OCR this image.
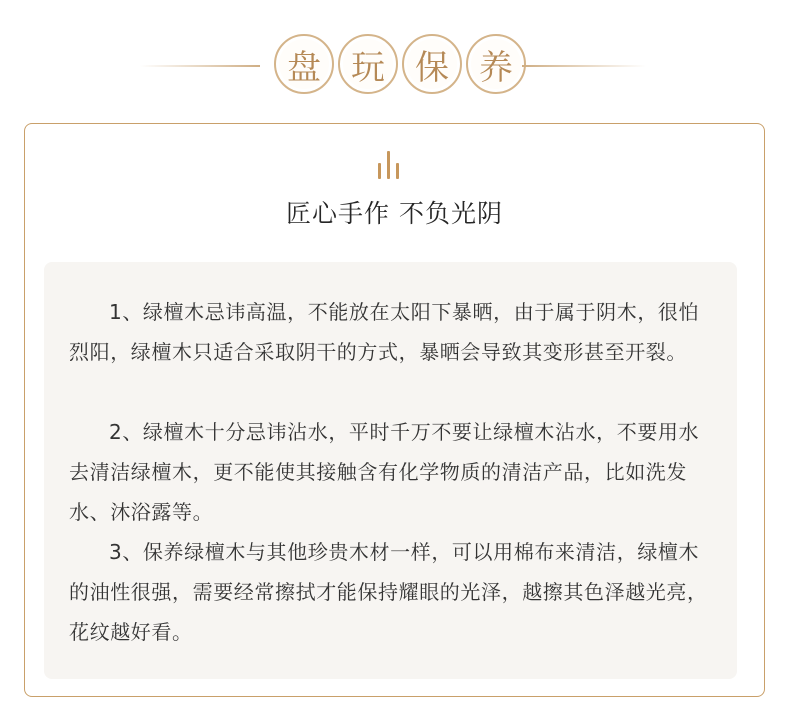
盘 玩 保 养
匠心手作 不负光阴

1、绿檀木忌讳高温，不能放在太阳下暴晒，由于属于阴木，很怕烈阳，绿檀木只适合采取阴干的方式，暴晒会导致其变形甚至开裂。

2、绿檀木十分忌讳沾水，平时千万不要让绿檀木沾水，不要用水去清洁绿檀木，更不能使其接触含有化学物质的清洁产品，比如洗发水、沐浴露等。

3、保养绿檀木与其他珍贵木材一样，可以用棉布来清洁，绿檀木的油性很强，需要经常擦拭才能保持耀眼的光泽，越擦其色泽越光亮，花纹越好看。
